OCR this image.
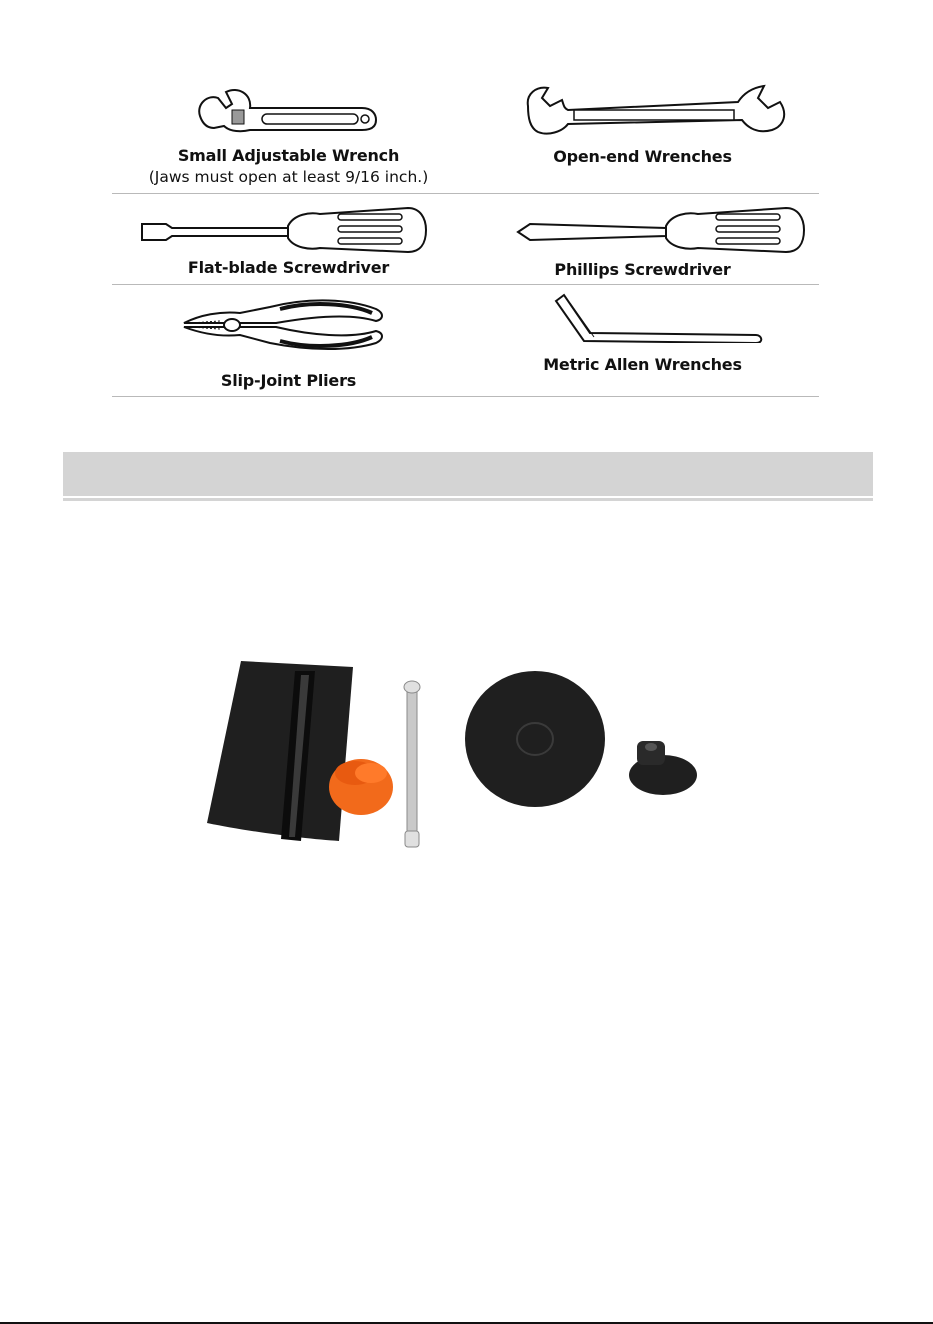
Small Adjustable Wrench
(Jaws must open at least 9/16 inch.)
Open-end Wrenches
Flat-blade Screwdriver	Phillips Screwdriver
Slip-Joint Pliers
Metric Allen Wrenches
